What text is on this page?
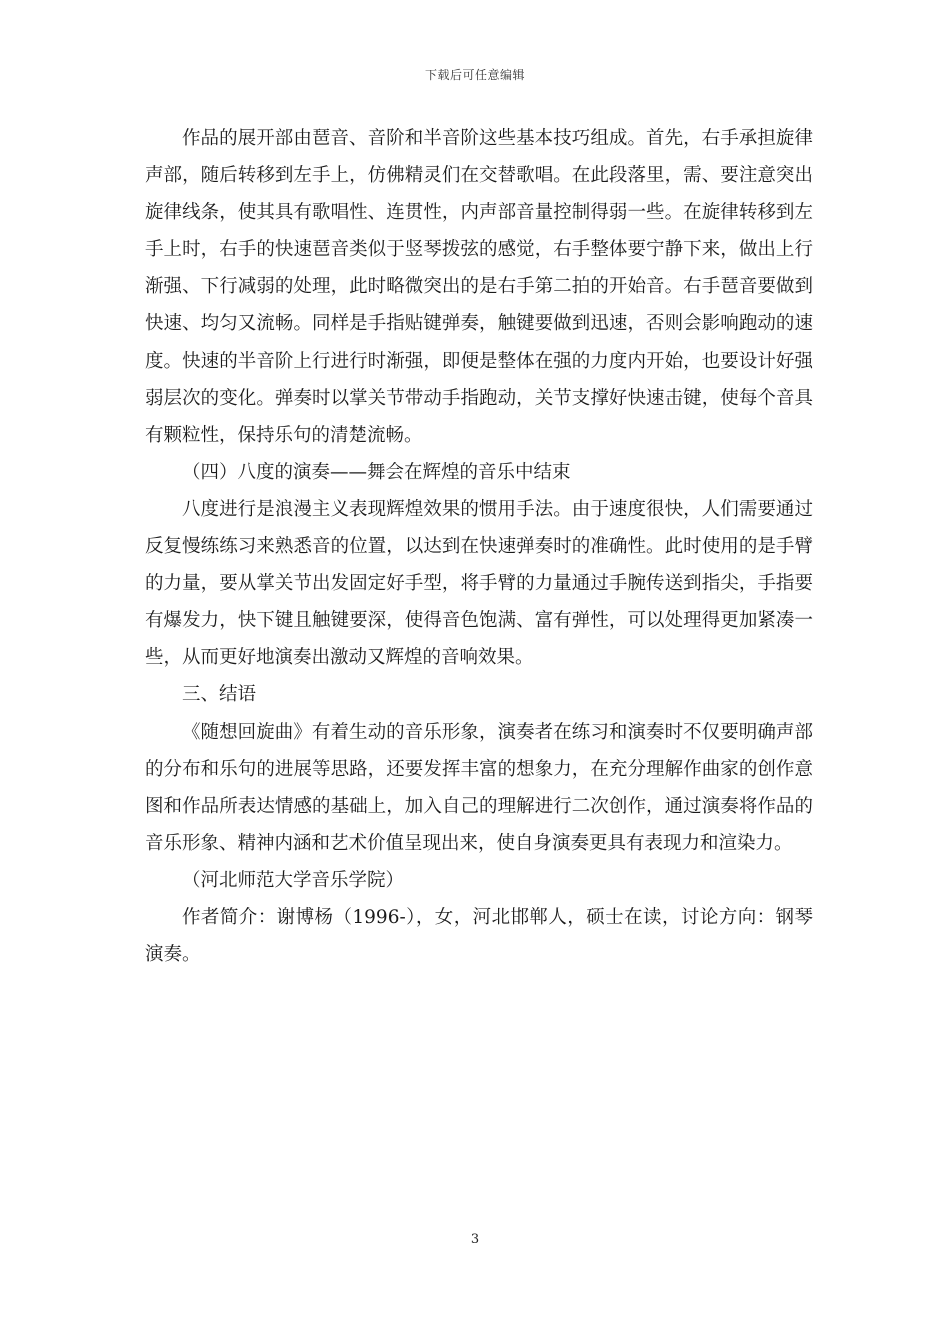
下载后可任意编辑

作品的展开部由琶音、音阶和半音阶这些基本技巧组成。首先，右手承担旋律声部，随后转移到左手上，仿佛精灵们在交替歌唱。在此段落里，需、要注意突出旋律线条，使其具有歌唱性、连贯性，内声部音量控制得弱一些。在旋律转移到左手上时，右手的快速琶音类似于竖琴拨弦的感觉，右手整体要宁静下来，做出上行渐强、下行减弱的处理，此时略微突出的是右手第二拍的开始音。右手琶音要做到快速、均匀又流畅。同样是手指贴键弹奏，触键要做到迅速，否则会影响跑动的速度。快速的半音阶上行进行时渐强，即便是整体在强的力度内开始，也要设计好强弱层次的变化。弹奏时以掌关节带动手指跑动，关节支撑好快速击键，使每个音具有颗粒性，保持乐句的清楚流畅。

（四）八度的演奏——舞会在辉煌的音乐中结束

八度进行是浪漫主义表现辉煌效果的惯用手法。由于速度很快，人们需要通过反复慢练练习来熟悉音的位置，以达到在快速弹奏时的准确性。此时使用的是手臂的力量，要从掌关节出发固定好手型，将手臂的力量通过手腕传送到指尖，手指要有爆发力，快下键且触键要深，使得音色饱满、富有弹性，可以处理得更加紧凑一些，从而更好地演奏出激动又辉煌的音响效果。

三、结语

《随想回旋曲》有着生动的音乐形象，演奏者在练习和演奏时不仅要明确声部的分布和乐句的进展等思路，还要发挥丰富的想象力，在充分理解作曲家的创作意图和作品所表达情感的基础上，加入自己的理解进行二次创作，通过演奏将作品的音乐形象、精神内涵和艺术价值呈现出来，使自身演奏更具有表现力和渲染力。

（河北师范大学音乐学院）

作者简介：谢博杨（1996-），女，河北邯郸人，硕士在读，讨论方向：钢琴演奏。

3
